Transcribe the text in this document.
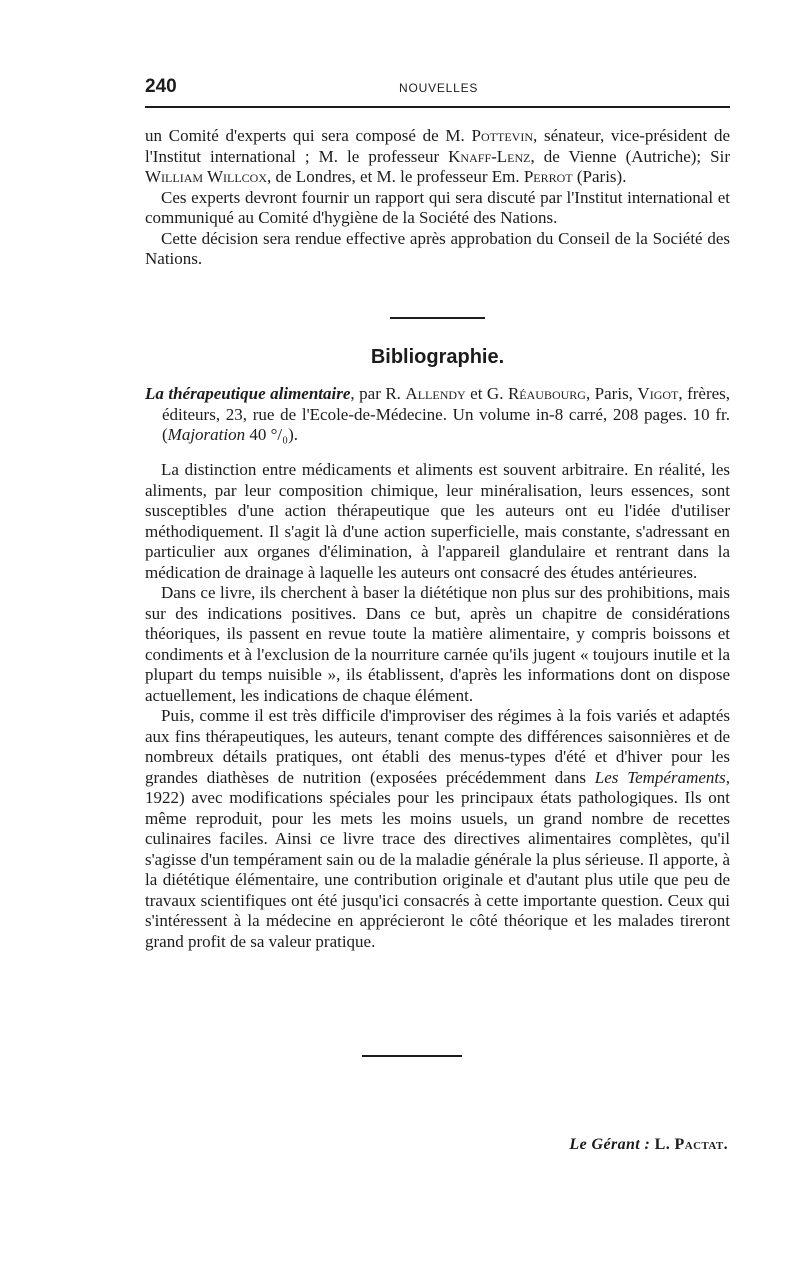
240	NOUVELLES

un Comité d'experts qui sera composé de M. Pottevin, sénateur, vice-président de l'Institut international ; M. le professeur Knaff-Lenz, de Vienne (Autriche); Sir William Willcox, de Londres, et M. le professeur Em. Perrot (Paris).

Ces experts devront fournir un rapport qui sera discuté par l'Institut international et communiqué au Comité d'hygiène de la Société des Nations.

Cette décision sera rendue effective après approbation du Conseil de la Société des Nations.

Bibliographie.

La thérapeutique alimentaire, par R. Allendy et G. Réaubourg, Paris, Vigot, frères, éditeurs, 23, rue de l'Ecole-de-Médecine. Un volume in-8 carré, 208 pages. 10 fr. (Majoration 40 °/₀).

La distinction entre médicaments et aliments est souvent arbitraire. En réalité, les aliments, par leur composition chimique, leur minéralisation, leurs essences, sont susceptibles d'une action thérapeutique que les auteurs ont eu l'idée d'utiliser méthodiquement. Il s'agit là d'une action superficielle, mais constante, s'adressant en particulier aux organes d'élimination, à l'appareil glandulaire et rentrant dans la médication de drainage à laquelle les auteurs ont consacré des études antérieures.

Dans ce livre, ils cherchent à baser la diététique non plus sur des prohibitions, mais sur des indications positives. Dans ce but, après un chapitre de considérations théoriques, ils passent en revue toute la matière alimentaire, y compris boissons et condiments et à l'exclusion de la nourriture carnée qu'ils jugent « toujours inutile et la plupart du temps nuisible », ils établissent, d'après les informations dont on dispose actuellement, les indications de chaque élément.

Puis, comme il est très difficile d'improviser des régimes à la fois variés et adaptés aux fins thérapeutiques, les auteurs, tenant compte des différences saisonnières et de nombreux détails pratiques, ont établi des menus-types d'été et d'hiver pour les grandes diathèses de nutrition (exposées précédemment dans Les Tempéraments, 1922) avec modifications spéciales pour les principaux états pathologiques. Ils ont même reproduit, pour les mets les moins usuels, un grand nombre de recettes culinaires faciles. Ainsi ce livre trace des directives alimentaires complètes, qu'il s'agisse d'un tempérament sain ou de la maladie générale la plus sérieuse. Il apporte, à la diététique élémentaire, une contribution originale et d'autant plus utile que peu de travaux scientifiques ont été jusqu'ici consacrés à cette importante question. Ceux qui s'intéressent à la médecine en apprécieront le côté théorique et les malades tireront grand profit de sa valeur pratique.

Le Gérant : L. Pactat.
